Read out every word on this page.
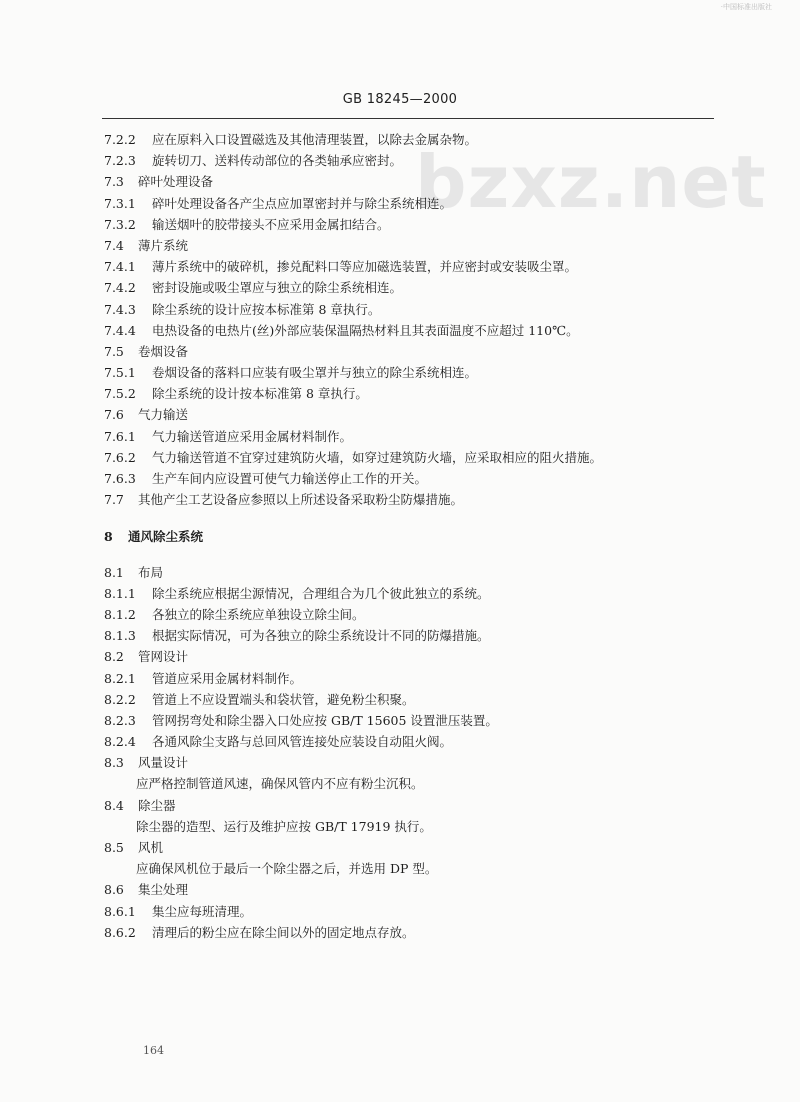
·中国标准出版社
GB 18245—2000
bzxz.net
7.2.2 应在原料入口设置磁选及其他清理装置，以除去金属杂物。
7.2.3 旋转切刀、送料传动部位的各类轴承应密封。
7.3 碎叶处理设备
7.3.1 碎叶处理设备各产尘点应加罩密封并与除尘系统相连。
7.3.2 输送烟叶的胶带接头不应采用金属扣结合。
7.4 薄片系统
7.4.1 薄片系统中的破碎机，掺兑配料口等应加磁选装置，并应密封或安装吸尘罩。
7.4.2 密封设施或吸尘罩应与独立的除尘系统相连。
7.4.3 除尘系统的设计应按本标准第 8 章执行。
7.4.4 电热设备的电热片(丝)外部应装保温隔热材料且其表面温度不应超过 110℃。
7.5 卷烟设备
7.5.1 卷烟设备的落料口应装有吸尘罩并与独立的除尘系统相连。
7.5.2 除尘系统的设计按本标准第 8 章执行。
7.6 气力输送
7.6.1 气力输送管道应采用金属材料制作。
7.6.2 气力输送管道不宜穿过建筑防火墙，如穿过建筑防火墙，应采取相应的阻火措施。
7.6.3 生产车间内应设置可使气力输送停止工作的开关。
7.7 其他产尘工艺设备应参照以上所述设备采取粉尘防爆措施。
8 通风除尘系统
8.1 布局
8.1.1 除尘系统应根据尘源情况，合理组合为几个彼此独立的系统。
8.1.2 各独立的除尘系统应单独设立除尘间。
8.1.3 根据实际情况，可为各独立的除尘系统设计不同的防爆措施。
8.2 管网设计
8.2.1 管道应采用金属材料制作。
8.2.2 管道上不应设置端头和袋状管，避免粉尘积聚。
8.2.3 管网拐弯处和除尘器入口处应按 GB/T 15605 设置泄压装置。
8.2.4 各通风除尘支路与总回风管连接处应装设自动阻火阀。
8.3 风量设计
应严格控制管道风速，确保风管内不应有粉尘沉积。
8.4 除尘器
除尘器的造型、运行及维护应按 GB/T 17919 执行。
8.5 风机
应确保风机位于最后一个除尘器之后，并选用 DP 型。
8.6 集尘处理
8.6.1 集尘应每班清理。
8.6.2 清理后的粉尘应在除尘间以外的固定地点存放。
164
